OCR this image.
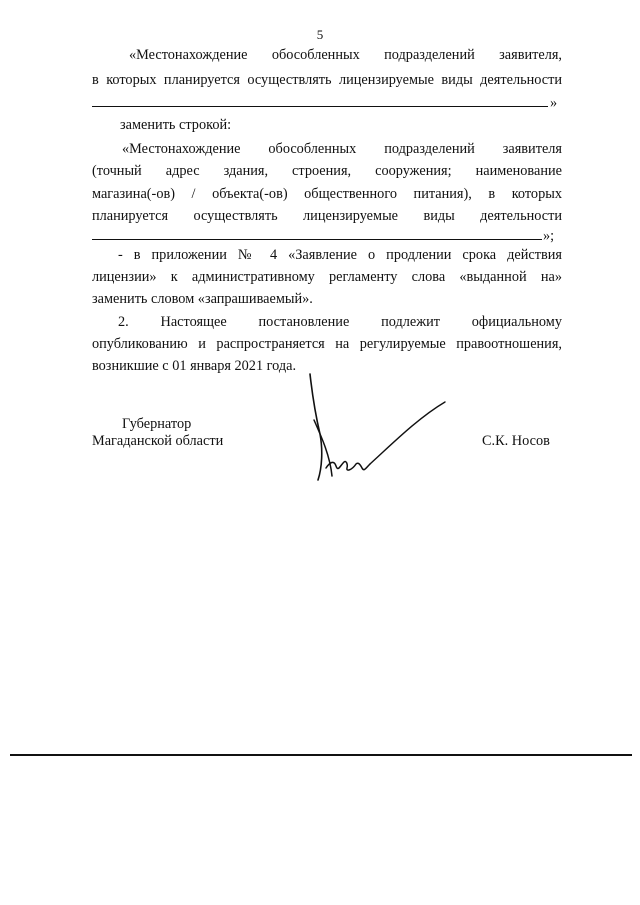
5
«Местонахождение обособленных подразделений заявителя,
в которых планируется осуществлять лицензируемые виды деятельности
»
заменить строкой:
«Местонахождение обособленных подразделений заявителя
(точный адрес здания, строения, сооружения; наименование
магазина(-ов) / объекта(-ов) общественного питания), в которых
планируется осуществлять лицензируемые виды деятельности
»;
- в приложении № 4 «Заявление о продлении срока действия
лицензии» к административному регламенту слова «выданной на»
заменить словом «запрашиваемый».
2. Настоящее постановление подлежит официальному
опубликованию и распространяется на регулируемые правоотношения,
возникшие с 01 января 2021 года.
Губернатор
Магаданской области	С.К. Носов
